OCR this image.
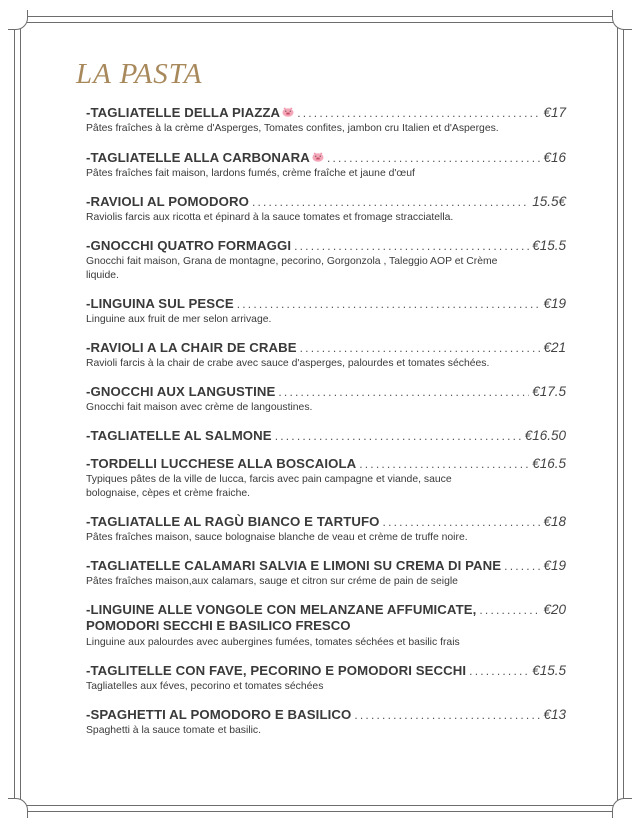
LA PASTA
-TAGLIATELLE DELLA PIAZZA .....	€17
Pâtes fraîches à la crème d'Asperges, Tomates confites, jambon cru Italien et d'Asperges.
-TAGLIATELLE ALLA CARBONARA .....	€16
Pâtes fraîches fait maison, lardons fumés, crème fraîche et jaune d'œuf
-RAVIOLI AL POMODORO .....	15.5€
Raviolis farcis aux ricotta et épinard à la sauce tomates et fromage stracciatella.
-GNOCCHI QUATRO FORMAGGI .....	€15.5
Gnocchi fait maison, Grana de montagne, pecorino, Gorgonzola , Taleggio AOP et Crème liquide.
-LINGUINA SUL PESCE .....	€19
Linguine aux fruit de mer selon arrivage.
-RAVIOLI A LA CHAIR DE CRABE .....	€21
Ravioli farcis à la chair de crabe avec sauce d'asperges, palourdes et tomates séchées.
-GNOCCHI AUX LANGUSTINE .....	€17.5
Gnocchi fait maison avec crème de langoustines.
-TAGLIATELLE AL SALMONE .....	€16.50
-TORDELLI LUCCHESE ALLA BOSCAIOLA .....	€16.5
Typiques pâtes de la ville de lucca, farcis avec pain campagne et viande, sauce bolognaise, cèpes et crème fraiche.
-TAGLIATALLE AL RAGÙ BIANCO E TARTUFO .....	€18
Pâtes fraîches maison, sauce bolognaise blanche de veau et crème de truffe noire.
-TAGLIATELLE CALAMARI SALVIA E LIMONI SU CREMA DI PANE .....	€19
Pâtes fraîches maison,aux calamars, sauge et citron sur créme de pain de seigle
-LINGUINE ALLE VONGOLE CON MELANZANE AFFUMICATE, .....	€20
POMODORI SECCHI E BASILICO FRESCO
Linguine aux palourdes avec aubergines fumées, tomates séchées et basilic frais
-TAGLITELLE CON FAVE, PECORINO E POMODORI SECCHI .....	€15.5
Tagliatelles aux féves, pecorino et tomates séchées
-SPAGHETTI AL POMODORO E BASILICO .....	€13
Spaghetti à la sauce tomate et basilic.
